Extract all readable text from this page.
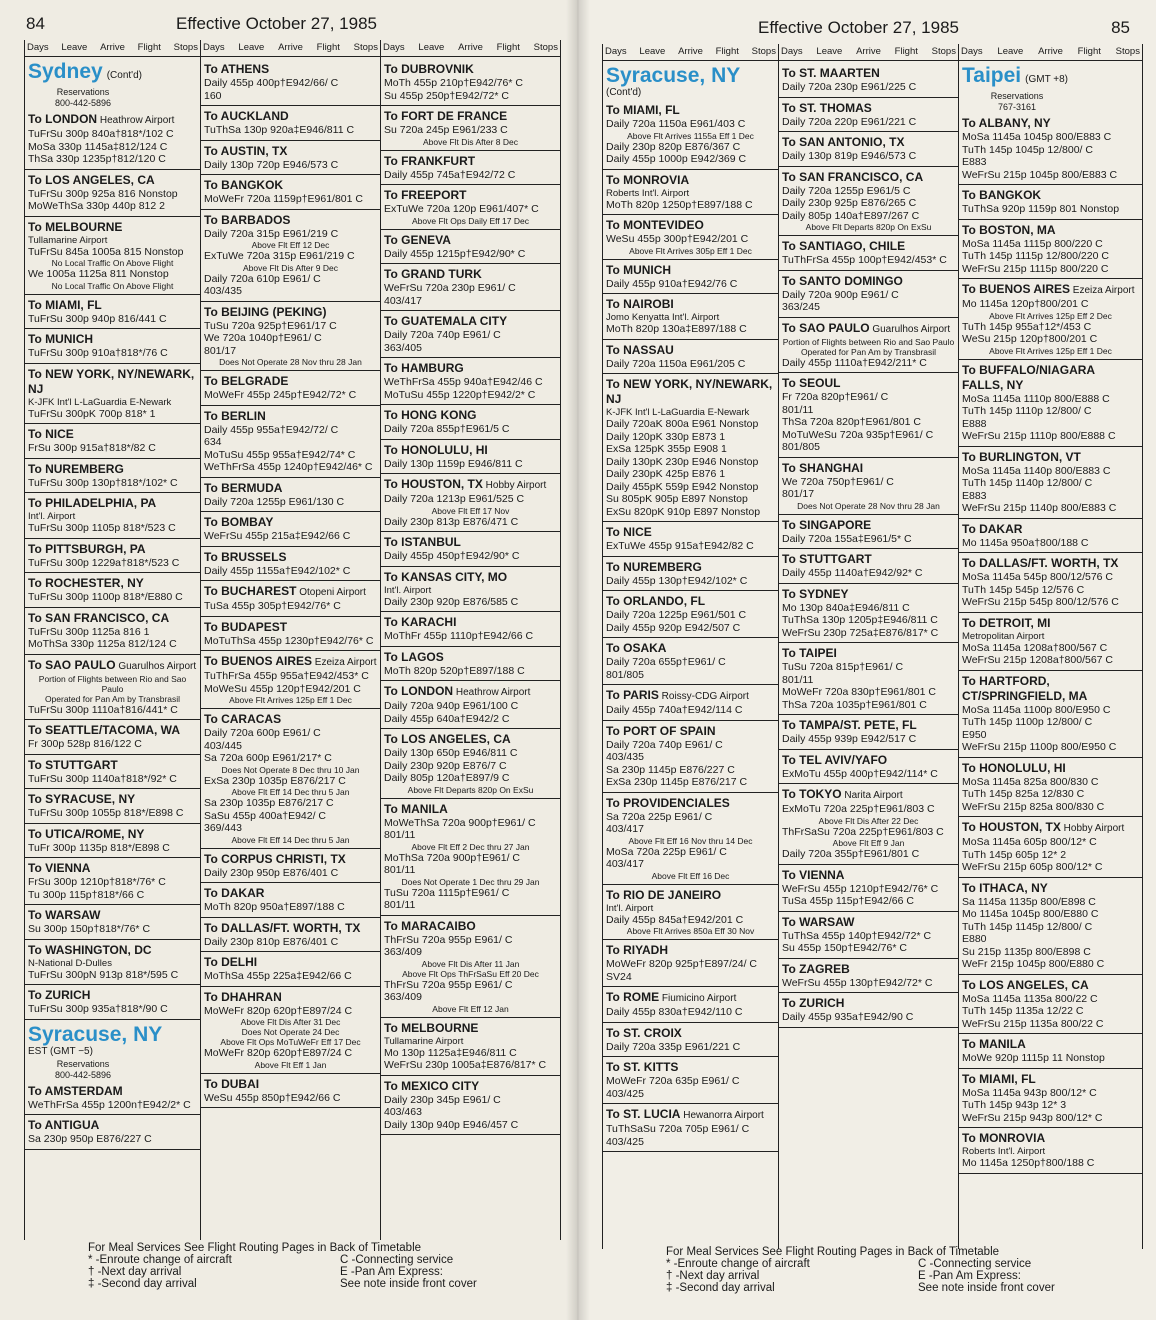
84	Effective October 27, 1985
Days Leave Arrive Flight Stops
Sydney (Cont'd)
Reservations
800-442-5896
To LONDON Heathrow Airport
TuFrSu 300p 840a†818*/102 C
MoSa 330p 1145a‡812/124 C
ThSa 330p 1235p†812/120 C
To LOS ANGELES, CA
TuFrSu 300p 925a 816 Nonstop
MoWeThSa 330p 440p 812 2
To MELBOURNE
Tullamarine Airport
TuFrSu 845a 1005a 815 Nonstop
No Local Traffic On Above Flight
We 1005a 1125a 811 Nonstop
No Local Traffic On Above Flight
To MIAMI, FL
TuFrSu 300p 940p 816/441 C
To MUNICH
TuFrSu 300p 910a†818*/76 C
To NEW YORK, NY/NEWARK, NJ
K-JFK Int'l L-LaGuardia E-Newark
TuFrSu 300pK 700p 818* 1
To NICE
FrSu 300p 915a†818*/82 C
To NUREMBERG
TuFrSu 300p 130p†818*/102* C
To PHILADELPHIA, PA
Int'l. Airport
TuFrSu 300p 1105p 818*/523 C
To PITTSBURGH, PA
TuFrSu 300p 1229a†818*/523 C
To ROCHESTER, NY
TuFrSu 300p 1100p 818*/E880 C
To SAN FRANCISCO, CA
TuFrSu 300p 1125a 816 1
MoThSa 330p 1125a 812/124 C
To SAO PAULO Guarulhos Airport
Portion of Flights between Rio and Sao Paulo
Operated for Pan Am by Transbrasil
TuFrSu 300p 1110a†816/441* C
To SEATTLE/TACOMA, WA
Fr 300p 528p 816/122 C
To STUTTGART
TuFrSu 300p 1140a†818*/92* C
To SYRACUSE, NY
TuFrSu 300p 1055p 818*/E898 C
To UTICA/ROME, NY
TuFr 300p 1135p 818*/E898 C
To VIENNA
FrSu 300p 1210p†818*/76* C
Tu 300p 115p†818*/66 C
To WARSAW
Su 300p 150p†818*/76* C
To WASHINGTON, DC
N-National D-Dulles
TuFrSu 300pN 913p 818*/595 C
To ZURICH
TuFrSu 300p 935a†818*/90 C
Syracuse, NY
EST (GMT −5)
Reservations
800-442-5896
To AMSTERDAM
WeThFrSa 455p 1200n†E942/2* C
To ANTIGUA
Sa 230p 950p E876/227 C
Days Leave Arrive Flight Stops
To ATHENS
Daily 455p 400p†E942/66/ C
160
To AUCKLAND
TuThSa 130p 920a‡E946/811 C
To AUSTIN, TX
Daily 130p 720p E946/573 C
To BANGKOK
MoWeFr 720a 1159p†E961/801 C
To BARBADOS
Daily 720a 315p E961/219 C
Above Flt Eff 12 Dec
ExTuWe 720a 315p E961/219 C
Above Flt Dis After 9 Dec
Daily 720a 610p E961/ C
403/435
To BEIJING (PEKING)
TuSu 720a 925p†E961/17 C
We 720a 1040p†E961/ C
801/17
Does Not Operate 28 Nov thru 28 Jan
To BELGRADE
MoWeFr 455p 245p†E942/72* C
To BERLIN
Daily 455p 955a†E942/72/ C
634
MoTuSu 455p 955a†E942/74* C
WeThFrSa 455p 1240p†E942/46* C
To BERMUDA
Daily 720a 1255p E961/130 C
To BOMBAY
WeFrSu 455p 215a‡E942/66 C
To BRUSSELS
Daily 455p 1155a†E942/102* C
To BUCHAREST Otopeni Airport
TuSa 455p 305p†E942/76* C
To BUDAPEST
MoTuThSa 455p 1230p†E942/76* C
To BUENOS AIRES Ezeiza Airport
TuThFrSa 455p 955a†E942/453* C
MoWeSu 455p 120p†E942/201 C
Above Flt Arrives 125p Eff 1 Dec
To CARACAS
Daily 720a 600p E961/ C
403/445
Sa 720a 600p E961/217* C
Does Not Operate 8 Dec thru 10 Jan
ExSa 230p 1035p E876/217 C
Above Flt Eff 14 Dec thru 5 Jan
Sa 230p 1035p E876/217 C
SaSu 455p 400a†E942/ C
369/443
Above Flt Eff 14 Dec thru 5 Jan
To CORPUS CHRISTI, TX
Daily 230p 950p E876/401 C
To DAKAR
MoTh 820p 950a†E897/188 C
To DALLAS/FT. WORTH, TX
Daily 230p 810p E876/401 C
To DELHI
MoThSa 455p 225a‡E942/66 C
To DHAHRAN
MoWeFr 820p 620p†E897/24 C
Above Flt Dis After 31 Dec
Does Not Operate 24 Dec
Above Flt Ops MoTuWeFr Eff 17 Dec
MoWeFr 820p 620p†E897/24 C
Above Flt Eff 1 Jan
To DUBAI
WeSu 455p 850p†E942/66 C
Days Leave Arrive Flight Stops
To DUBROVNIK
MoTh 455p 210p†E942/76* C
Su 455p 250p†E942/72* C
To FORT DE FRANCE
Su 720a 245p E961/233 C
Above Flt Dis After 8 Dec
To FRANKFURT
Daily 455p 745a†E942/72 C
To FREEPORT
ExTuWe 720a 120p E961/407* C
Above Flt Ops Daily Eff 17 Dec
To GENEVA
Daily 455p 1215p†E942/90* C
To GRAND TURK
WeFrSu 720a 230p E961/ C
403/417
To GUATEMALA CITY
Daily 720a 740p E961/ C
363/405
To HAMBURG
WeThFrSa 455p 940a†E942/46 C
MoTuSu 455p 1220p†E942/2* C
To HONG KONG
Daily 720a 855p†E961/5 C
To HONOLULU, HI
Daily 130p 1159p E946/811 C
To HOUSTON, TX Hobby Airport
Daily 720a 1213p E961/525 C
Above Flt Eff 17 Nov
Daily 230p 813p E876/471 C
To ISTANBUL
Daily 455p 450p†E942/90* C
To KANSAS CITY, MO
Int'l. Airport
Daily 230p 920p E876/585 C
To KARACHI
MoThFr 455p 1110p†E942/66 C
To LAGOS
MoTh 820p 520p†E897/188 C
To LONDON Heathrow Airport
Daily 720a 940p E961/100 C
Daily 455p 640a†E942/2 C
To LOS ANGELES, CA
Daily 130p 650p E946/811 C
Daily 230p 920p E876/7 C
Daily 805p 120a†E897/9 C
Above Flt Departs 820p On ExSu
To MANILA
MoWeThSa 720a 900p†E961/ C
801/11
Above Flt Eff 2 Dec thru 27 Jan
MoThSa 720a 900p†E961/ C
801/11
Does Not Operate 1 Dec thru 29 Jan
TuSu 720a 1115p†E961/ C
801/11
To MARACAIBO
ThFrSu 720a 955p E961/ C
363/409
Above Flt Dis After 11 Jan
Above Flt Ops ThFrSaSu Eff 20 Dec
ThFrSu 720a 955p E961/ C
363/409
Above Flt Eff 12 Jan
To MELBOURNE
Tullamarine Airport
Mo 130p 1125a‡E946/811 C
WeFrSu 230p 1005a‡E876/817* C
To MEXICO CITY
Daily 230p 345p E961/ C
403/463
Daily 130p 940p E946/457 C
For Meal Services See Flight Routing Pages in Back of Timetable
* -Enroute change of aircraft	C -Connecting service
† -Next day arrival	E -Pan Am Express:
‡ -Second day arrival	See note inside front cover
Effective October 27, 1985	85
Days Leave Arrive Flight Stops
Syracuse, NY
(Cont'd)
To MIAMI, FL
Daily 720a 1150a E961/403 C
Above Flt Arrives 1155a Eff 1 Dec
Daily 230p 820p E876/367 C
Daily 455p 1000p E942/369 C
To MONROVIA
Roberts Int'l. Airport
MoTh 820p 1250p†E897/188 C
To MONTEVIDEO
WeSu 455p 300p†E942/201 C
Above Flt Arrives 305p Eff 1 Dec
To MUNICH
Daily 455p 910a†E942/76 C
To NAIROBI
Jomo Kenyatta Int'l. Airport
MoTh 820p 130a‡E897/188 C
To NASSAU
Daily 720a 1150a E961/205 C
To NEW YORK, NY/NEWARK, NJ
K-JFK Int'l L-LaGuardia E-Newark
Daily 720aK 800a E961 Nonstop
Daily 120pK 330p E873 1
ExSa 125pK 355p E908 1
Daily 130pK 230p E946 Nonstop
Daily 230pK 425p E876 1
Daily 455pK 559p E942 Nonstop
Su 805pK 905p E897 Nonstop
ExSu 820pK 910p E897 Nonstop
To NICE
ExTuWe 455p 915a†E942/82 C
To NUREMBERG
Daily 455p 130p†E942/102* C
To ORLANDO, FL
Daily 720a 1225p E961/501 C
Daily 455p 920p E942/507 C
To OSAKA
Daily 720a 655p†E961/ C
801/805
To PARIS Roissy-CDG Airport
Daily 455p 740a†E942/114 C
To PORT OF SPAIN
Daily 720a 740p E961/ C
403/435
Sa 230p 1145p E876/227 C
ExSa 230p 1145p E876/217 C
To PROVIDENCIALES
Sa 720a 225p E961/ C
403/417
Above Flt Eff 16 Nov thru 14 Dec
MoSa 720a 225p E961/ C
403/417
Above Flt Eff 16 Dec
To RIO DE JANEIRO
Int'l. Airport
Daily 455p 845a†E942/201 C
Above Flt Arrives 850a Eff 30 Nov
To RIYADH
MoWeFr 820p 925p†E897/24/ C
SV24
To ROME Fiumicino Airport
Daily 455p 830a†E942/110 C
To ST. CROIX
Daily 720a 335p E961/221 C
To ST. KITTS
MoWeFr 720a 635p E961/ C
403/425
To ST. LUCIA Hewanorra Airport
TuThSaSu 720a 705p E961/ C
403/425
Days Leave Arrive Flight Stops
To ST. MAARTEN
Daily 720a 230p E961/225 C
To ST. THOMAS
Daily 720a 220p E961/221 C
To SAN ANTONIO, TX
Daily 130p 819p E946/573 C
To SAN FRANCISCO, CA
Daily 720a 1255p E961/5 C
Daily 230p 925p E876/265 C
Daily 805p 140a†E897/267 C
Above Flt Departs 820p On ExSu
To SANTIAGO, CHILE
TuThFrSa 455p 100p†E942/453* C
To SANTO DOMINGO
Daily 720a 900p E961/ C
363/245
To SAO PAULO Guarulhos Airport
Portion of Flights between Rio and Sao Paulo
Operated for Pan Am by Transbrasil
Daily 455p 1110a†E942/211* C
To SEOUL
Fr 720a 820p†E961/ C
801/11
ThSa 720a 820p†E961/801 C
MoTuWeSu 720a 935p†E961/ C
801/805
To SHANGHAI
We 720a 750p†E961/ C
801/17
Does Not Operate 28 Nov thru 28 Jan
To SINGAPORE
Daily 720a 155a‡E961/5* C
To STUTTGART
Daily 455p 1140a†E942/92* C
To SYDNEY
Mo 130p 840a‡E946/811 C
TuThSa 130p 1205p‡E946/811 C
WeFrSu 230p 725a‡E876/817* C
To TAIPEI
TuSu 720a 815p†E961/ C
801/11
MoWeFr 720a 830p†E961/801 C
ThSa 720a 1035p†E961/801 C
To TAMPA/ST. PETE, FL
Daily 455p 939p E942/517 C
To TEL AVIV/YAFO
ExMoTu 455p 400p†E942/114* C
To TOKYO Narita Airport
ExMoTu 720a 225p†E961/803 C
Above Flt Dis After 22 Dec
ThFrSaSu 720a 225p†E961/803 C
Above Flt Eff 9 Jan
Daily 720a 355p†E961/801 C
To VIENNA
WeFrSu 455p 1210p†E942/76* C
TuSa 455p 115p†E942/66 C
To WARSAW
TuThSa 455p 140p†E942/72* C
Su 455p 150p†E942/76* C
To ZAGREB
WeFrSu 455p 130p†E942/72* C
To ZURICH
Daily 455p 935a†E942/90 C
Days Leave Arrive Flight Stops
Taipei (GMT +8)
Reservations
767-3161
To ALBANY, NY
MoSa 1145a 1045p 800/E883 C
TuTh 145p 1045p 12/800/ C
E883
WeFrSu 215p 1045p 800/E883 C
To BANGKOK
TuThSa 920p 1159p 801 Nonstop
To BOSTON, MA
MoSa 1145a 1115p 800/220 C
TuTh 145p 1115p 12/800/220 C
WeFrSu 215p 1115p 800/220 C
To BUENOS AIRES Ezeiza Airport
Mo 1145a 120p†800/201 C
Above Flt Arrives 125p Eff 2 Dec
TuTh 145p 955a†12*/453 C
WeSu 215p 120p†800/201 C
Above Flt Arrives 125p Eff 1 Dec
To BUFFALO/NIAGARA FALLS, NY
MoSa 1145a 1110p 800/E888 C
TuTh 145p 1110p 12/800/ C
E888
WeFrSu 215p 1110p 800/E888 C
To BURLINGTON, VT
MoSa 1145a 1140p 800/E883 C
TuTh 145p 1140p 12/800/ C
E883
WeFrSu 215p 1140p 800/E883 C
To DAKAR
Mo 1145a 950a†800/188 C
To DALLAS/FT. WORTH, TX
MoSa 1145a 545p 800/12/576 C
TuTh 145p 545p 12/576 C
WeFrSu 215p 545p 800/12/576 C
To DETROIT, MI
Metropolitan Airport
MoSa 1145a 1208a†800/567 C
WeFrSu 215p 1208a†800/567 C
To HARTFORD, CT/SPRINGFIELD, MA
MoSa 1145a 1100p 800/E950 C
TuTh 145p 1100p 12/800/ C
E950
WeFrSu 215p 1100p 800/E950 C
To HONOLULU, HI
MoSa 1145a 825a 800/830 C
TuTh 145p 825a 12/830 C
WeFrSu 215p 825a 800/830 C
To HOUSTON, TX Hobby Airport
MoSa 1145a 605p 800/12* C
TuTh 145p 605p 12* 2
WeFrSu 215p 605p 800/12* C
To ITHACA, NY
Sa 1145a 1135p 800/E898 C
Mo 1145a 1045p 800/E880 C
TuTh 145p 1145p 12/800/ C
E880
Su 215p 1135p 800/E898 C
WeFr 215p 1045p 800/E880 C
To LOS ANGELES, CA
MoSa 1145a 1135a 800/22 C
TuTh 145p 1135a 12/22 C
WeFrSu 215p 1135a 800/22 C
To MANILA
MoWe 920p 1115p 11 Nonstop
To MIAMI, FL
MoSa 1145a 943p 800/12* C
TuTh 145p 943p 12* 3
WeFrSu 215p 943p 800/12* C
To MONROVIA
Roberts Int'l. Airport
Mo 1145a 1250p†800/188 C
For Meal Services See Flight Routing Pages in Back of Timetable
* -Enroute change of aircraft	C -Connecting service
† -Next day arrival	E -Pan Am Express:
‡ -Second day arrival	See note inside front cover
